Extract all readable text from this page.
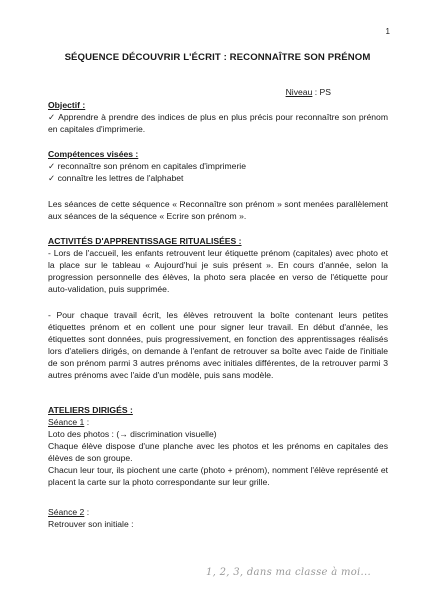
1
SÉQUENCE DÉCOUVRIR L'ÉCRIT : RECONNAÎTRE SON PRÉNOM
Niveau : PS
Objectif :
✓ Apprendre à prendre des indices de plus en plus précis pour reconnaître son prénom en capitales d'imprimerie.
Compétences visées :
✓ reconnaître son prénom en capitales d'imprimerie
✓ connaître les lettres de l'alphabet
Les séances de cette séquence « Reconnaître son prénom » sont menées parallèlement aux séances de la séquence « Ecrire son prénom ».
ACTIVITÉS D'APPRENTISSAGE RITUALISÉES :
- Lors de l'accueil, les enfants retrouvent leur étiquette prénom (capitales) avec photo et la place sur le tableau « Aujourd'hui je suis présent ». En cours d'année, selon la progression personnelle des élèves, la photo sera placée en verso de l'étiquette pour auto-validation, puis supprimée.
- Pour chaque travail écrit, les élèves retrouvent la boîte contenant leurs petites étiquettes prénom et en collent une pour signer leur travail. En début d'année, les étiquettes sont données, puis progressivement, en fonction des apprentissages réalisés lors d'ateliers dirigés, on demande à l'enfant de retrouver sa boîte avec l'aide de l'initiale de son prénom parmi 3 autres prénoms avec initiales différentes, de la retrouver parmi 3 autres prénoms avec l'aide d'un modèle, puis sans modèle.
ATELIERS DIRIGÉS :
Séance 1 :
Loto des photos : (→ discrimination visuelle)
Chaque élève dispose d'une planche avec les photos et les prénoms en capitales des élèves de son groupe.
Chacun leur tour, ils piochent une carte (photo + prénom), nomment l'élève représenté et placent la carte sur la photo correspondante sur leur grille.
Séance 2 :
Retrouver son initiale :
1, 2, 3, dans ma classe à moi...
